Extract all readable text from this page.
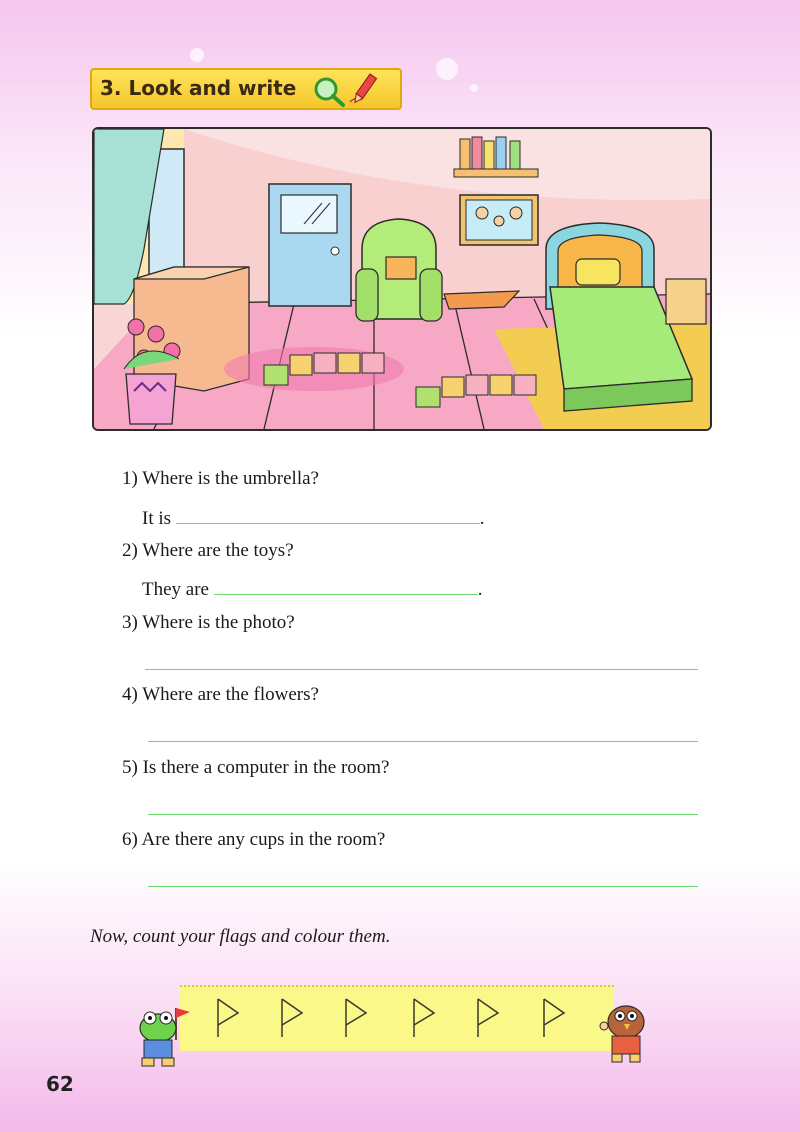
3. Look and write
1) Where is the umbrella?
It is	.
2) Where are the toys?
They are	.
3) Where is the photo?
4) Where are the flowers?
5) Is there a computer in the room?
6) Are there any cups in the room?
Now, count your flags and colour them.
62
